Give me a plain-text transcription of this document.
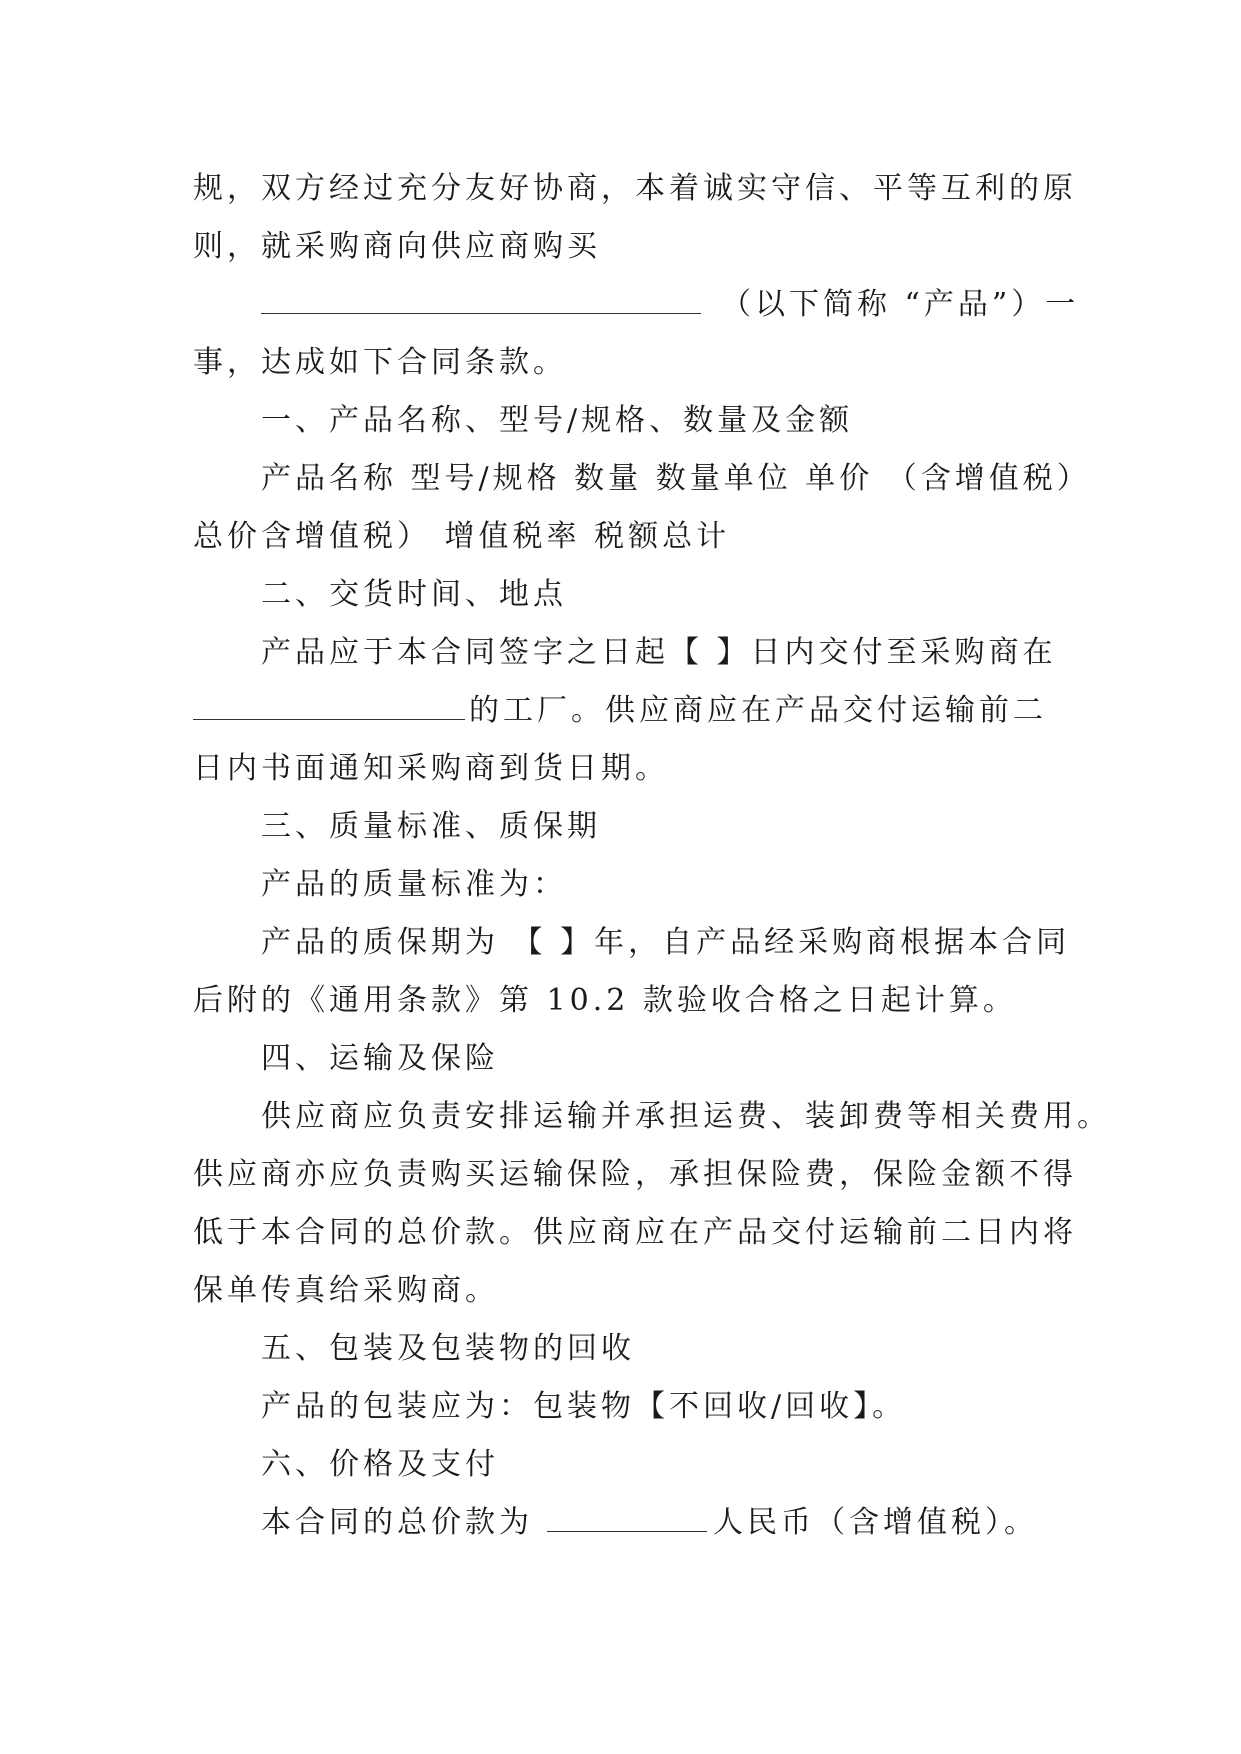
规，双方经过充分友好协商，本着诚实守信、平等互利的原
则，就采购商向供应商购买
（以下简称 “产品”）一
事，达成如下合同条款。
一、产品名称、型号/规格、数量及金额
产品名称 型号/规格 数量 数量单位 单价 （含增值税）
总价含增值税） 增值税率 税额总计
二、交货时间、地点
产品应于本合同签字之日起【 】日内交付至采购商在
的工厂。供应商应在产品交付运输前二
日内书面通知采购商到货日期。
三、质量标准、质保期
产品的质量标准为：
产品的质保期为 【 】年，自产品经采购商根据本合同
后附的《通用条款》第 10.2 款验收合格之日起计算。
四、运输及保险
供应商应负责安排运输并承担运费、装卸费等相关费用。
供应商亦应负责购买运输保险，承担保险费，保险金额不得
低于本合同的总价款。供应商应在产品交付运输前二日内将
保单传真给采购商。
五、包装及包装物的回收
产品的包装应为：包装物【不回收/回收】。
六、价格及支付
本合同的总价款为	人民币（含增值税）。
